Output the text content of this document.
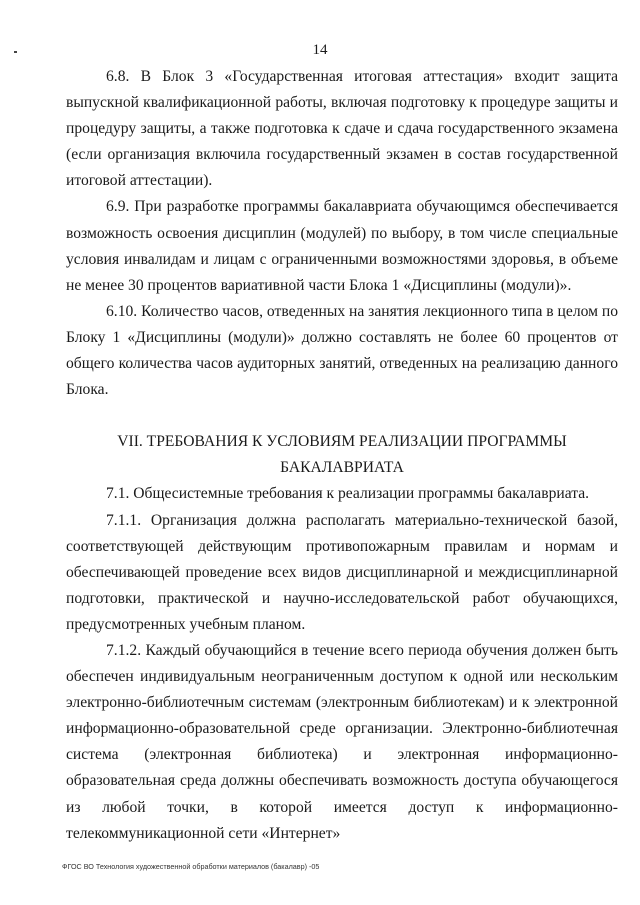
14

6.8. В Блок 3 «Государственная итоговая аттестация» входит защита выпускной квалификационной работы, включая подготовку к процедуре защиты и процедуру защиты, а также подготовка к сдаче и сдача государственного экзамена (если организация включила государственный экзамен в состав государственной итоговой аттестации).

6.9. При разработке программы бакалавриата обучающимся обеспечивается возможность освоения дисциплин (модулей) по выбору, в том числе специальные условия инвалидам и лицам с ограниченными возможностями здоровья, в объеме не менее 30 процентов вариативной части Блока 1 «Дисциплины (модули)».

6.10. Количество часов, отведенных на занятия лекционного типа в целом по Блоку 1 «Дисциплины (модули)» должно составлять не более 60 процентов от общего количества часов аудиторных занятий, отведенных на реализацию данного Блока.

VII. ТРЕБОВАНИЯ К УСЛОВИЯМ РЕАЛИЗАЦИИ ПРОГРАММЫ
БАКАЛАВРИАТА

7.1. Общесистемные требования к реализации программы бакалавриата.

7.1.1. Организация должна располагать материально-технической базой, соответствующей действующим противопожарным правилам и нормам и обеспечивающей проведение всех видов дисциплинарной и междисциплинарной подготовки, практической и научно-исследовательской работ обучающихся, предусмотренных учебным планом.

7.1.2. Каждый обучающийся в течение всего периода обучения должен быть обеспечен индивидуальным неограниченным доступом к одной или нескольким электронно-библиотечным системам (электронным библиотекам) и к электронной информационно-образовательной среде организации. Электронно-библиотечная система (электронная библиотека) и электронная информационно-образовательная среда должны обеспечивать возможность доступа обучающегося из любой точки, в которой имеется доступ к информационно-телекоммуникационной сети «Интернет»

ФГОС ВО Технология художественной обработки материалов (бакалавр) -05
